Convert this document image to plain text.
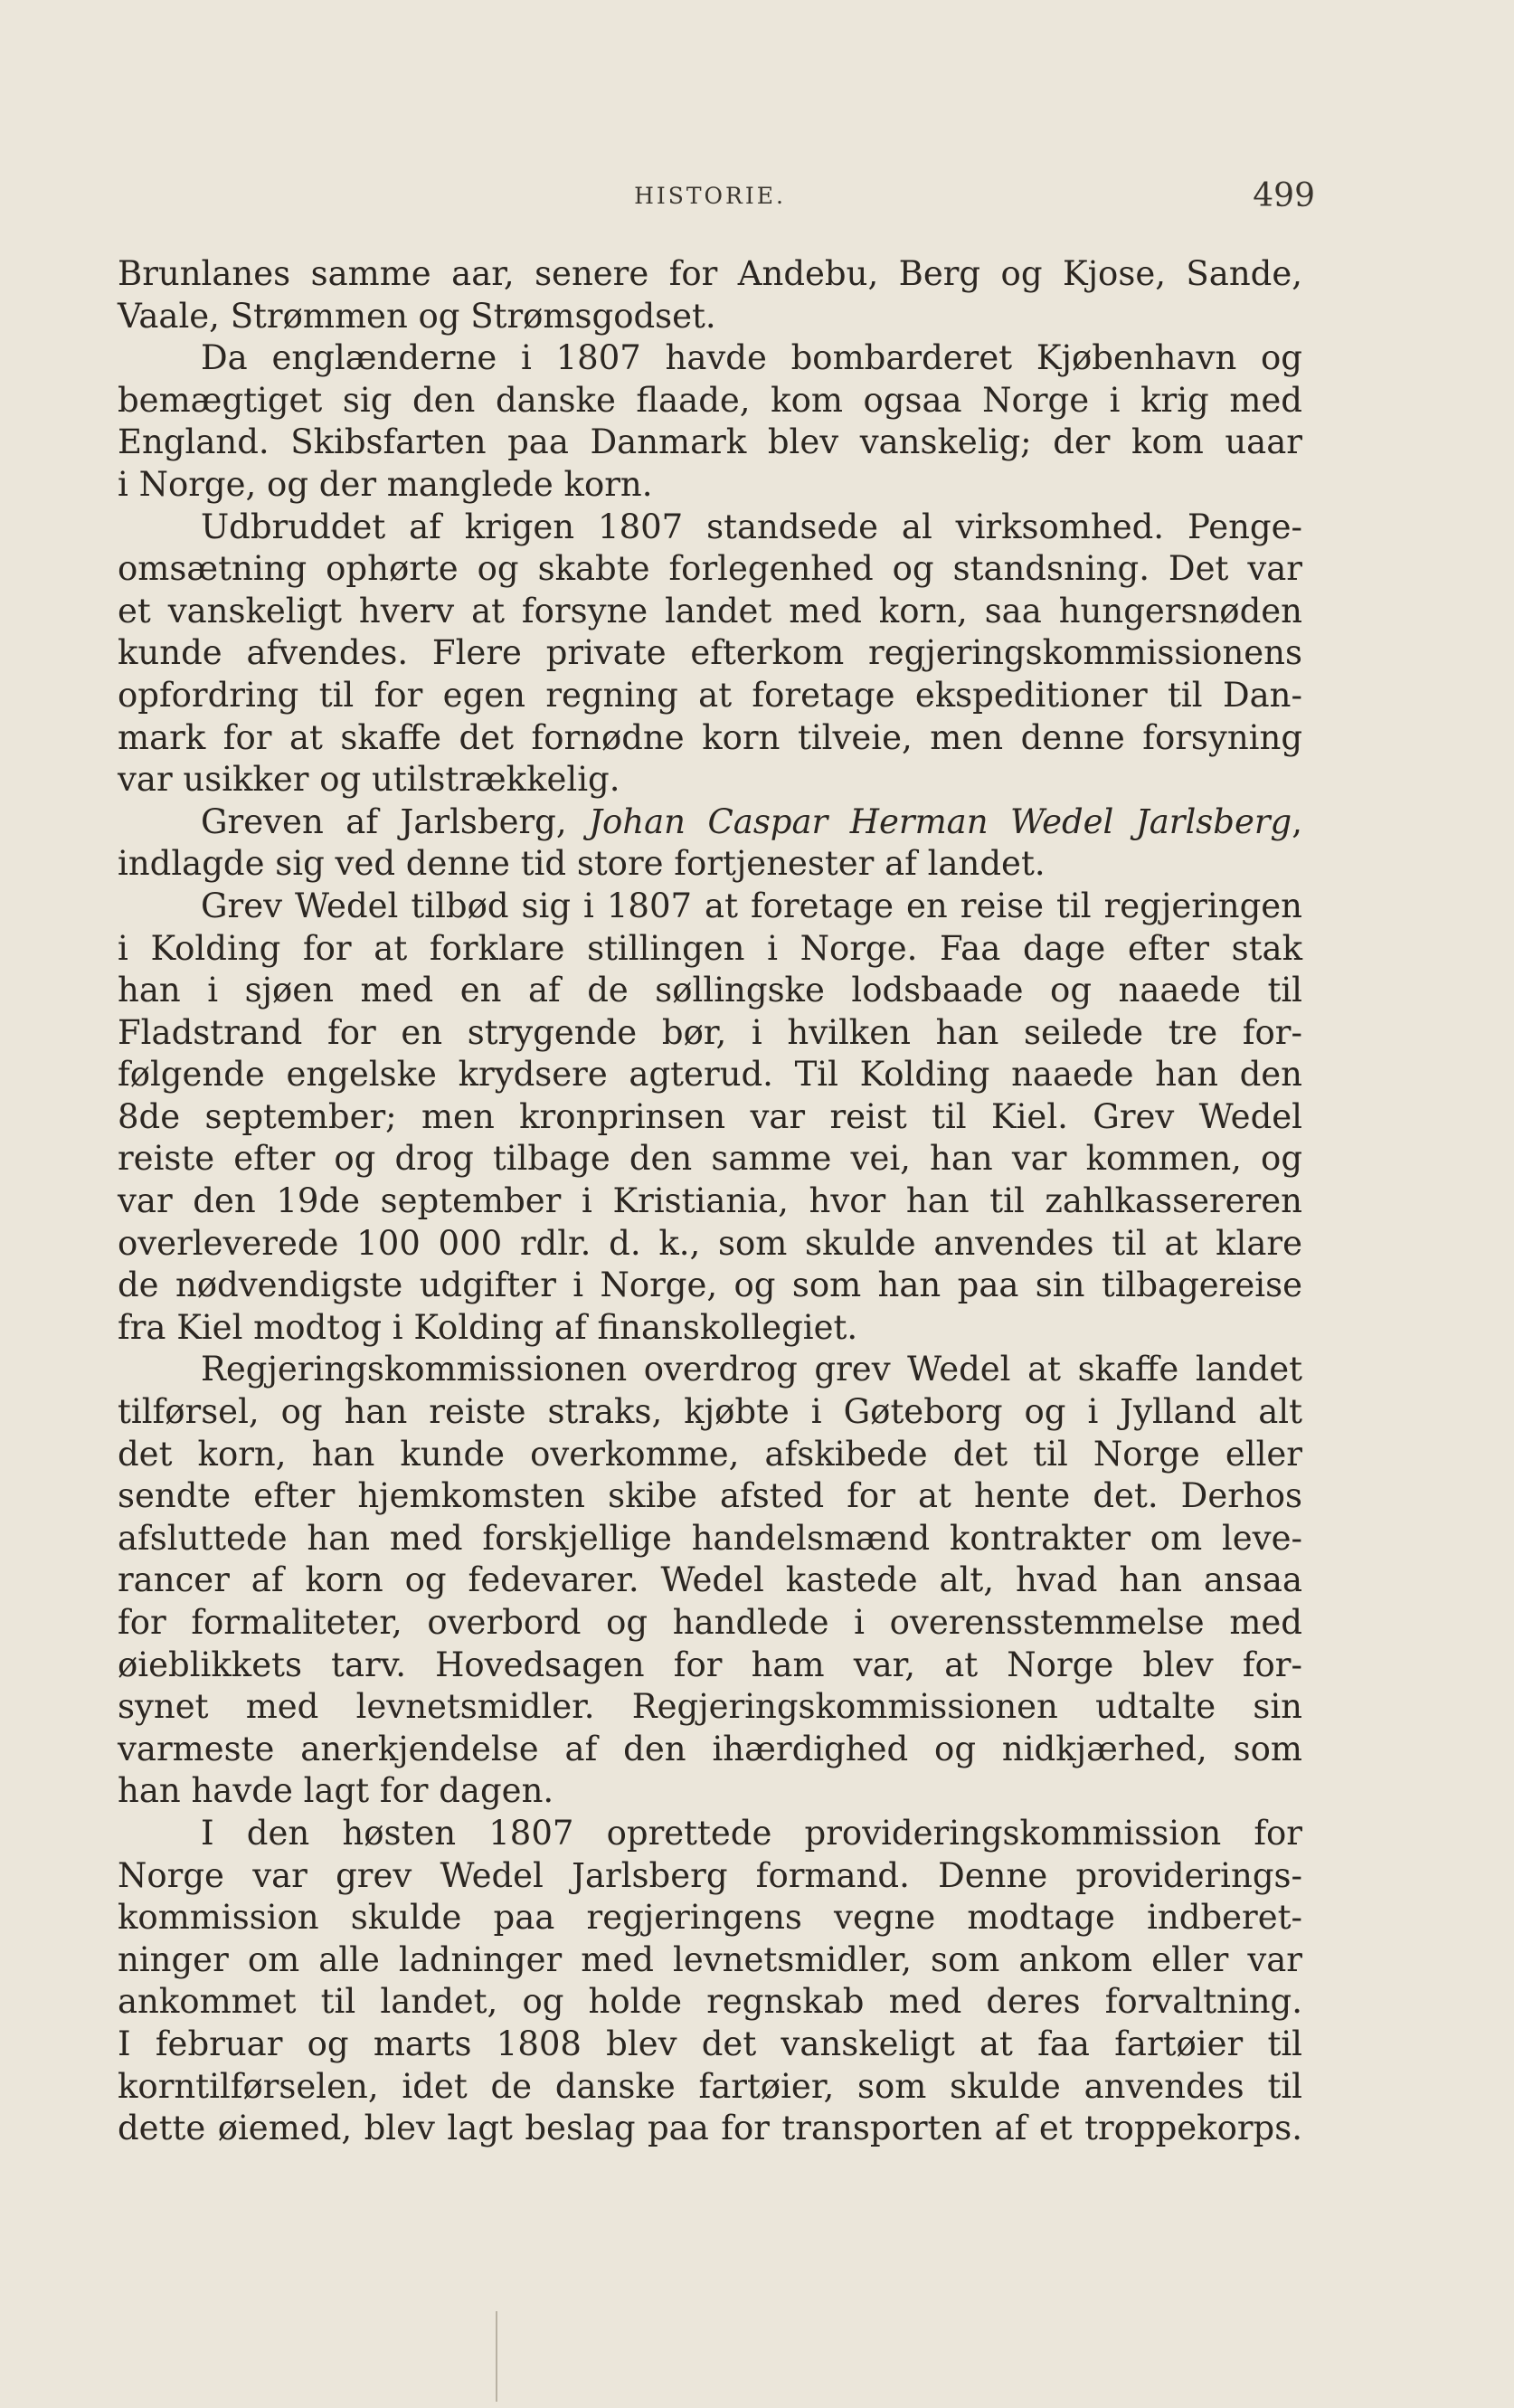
HISTORIE.	499
Brunlanes samme aar, senere for Andebu, Berg og Kjose, Sande,
Vaale, Strømmen og Strømsgodset.
Da englænderne i 1807 havde bombarderet Kjøbenhavn og
bemægtiget sig den danske flaade, kom ogsaa Norge i krig med
England. Skibsfarten paa Danmark blev vanskelig; der kom uaar
i Norge, og der manglede korn.
Udbruddet af krigen 1807 standsede al virksomhed. Penge-
omsætning ophørte og skabte forlegenhed og standsning. Det var
et vanskeligt hverv at forsyne landet med korn, saa hungersnøden
kunde afvendes. Flere private efterkom regjeringskommissionens
opfordring til for egen regning at foretage ekspeditioner til Dan-
mark for at skaffe det fornødne korn tilveie, men denne forsyning
var usikker og utilstrækkelig.
Greven af Jarlsberg, Johan Caspar Herman Wedel Jarlsberg,
indlagde sig ved denne tid store fortjenester af landet.
Grev Wedel tilbød sig i 1807 at foretage en reise til regjeringen
i Kolding for at forklare stillingen i Norge. Faa dage efter stak
han i sjøen med en af de søllingske lodsbaade og naaede til
Fladstrand for en strygende bør, i hvilken han seilede tre for-
følgende engelske krydsere agterud. Til Kolding naaede han den
8de september; men kronprinsen var reist til Kiel. Grev Wedel
reiste efter og drog tilbage den samme vei, han var kommen, og
var den 19de september i Kristiania, hvor han til zahlkassereren
overleverede 100 000 rdlr. d. k., som skulde anvendes til at klare
de nødvendigste udgifter i Norge, og som han paa sin tilbagereise
fra Kiel modtog i Kolding af finanskollegiet.
Regjeringskommissionen overdrog grev Wedel at skaffe landet
tilførsel, og han reiste straks, kjøbte i Gøteborg og i Jylland alt
det korn, han kunde overkomme, afskibede det til Norge eller
sendte efter hjemkomsten skibe afsted for at hente det. Derhos
afsluttede han med forskjellige handelsmænd kontrakter om leve-
rancer af korn og fedevarer. Wedel kastede alt, hvad han ansaa
for formaliteter, overbord og handlede i overensstemmelse med
øieblikkets tarv. Hovedsagen for ham var, at Norge blev for-
synet med levnetsmidler. Regjeringskommissionen udtalte sin
varmeste anerkjendelse af den ihærdighed og nidkjærhed, som
han havde lagt for dagen.
I den høsten 1807 oprettede provideringskommission for
Norge var grev Wedel Jarlsberg formand. Denne providerings-
kommission skulde paa regjeringens vegne modtage indberet-
ninger om alle ladninger med levnetsmidler, som ankom eller var
ankommet til landet, og holde regnskab med deres forvaltning.
I februar og marts 1808 blev det vanskeligt at faa fartøier til
korntilførselen, idet de danske fartøier, som skulde anvendes til
dette øiemed, blev lagt beslag paa for transporten af et troppekorps.
